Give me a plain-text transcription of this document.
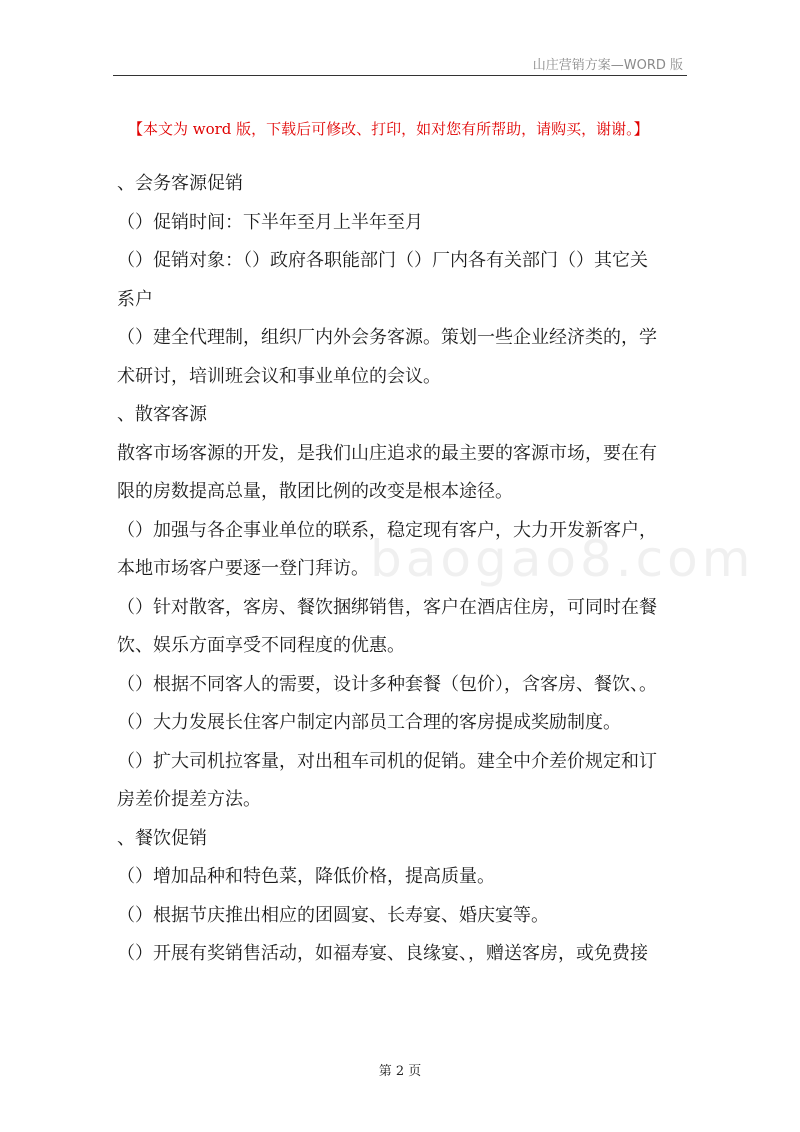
山庄营销方案—WORD 版
【本文为 word 版，下载后可修改、打印，如对您有所帮助，请购买，谢谢。】
baogao8.com
、会务客源促销
（）促销时间：下半年至月上半年至月
（）促销对象：（）政府各职能部门（）厂内各有关部门（）其它关
系户
（）建全代理制，组织厂内外会务客源。策划一些企业经济类的，学
术研讨，培训班会议和事业单位的会议。
、散客客源
散客市场客源的开发，是我们山庄追求的最主要的客源市场，要在有
限的房数提高总量，散团比例的改变是根本途径。
（）加强与各企事业单位的联系，稳定现有客户，大力开发新客户，
本地市场客户要逐一登门拜访。
（）针对散客，客房、餐饮捆绑销售，客户在酒店住房，可同时在餐
饮、娱乐方面享受不同程度的优惠。
（）根据不同客人的需要，设计多种套餐（包价），含客房、餐饮、。
（）大力发展长住客户制定内部员工合理的客房提成奖励制度。
（）扩大司机拉客量，对出租车司机的促销。建全中介差价规定和订
房差价提差方法。
、餐饮促销
（）增加品种和特色菜，降低价格，提高质量。
（）根据节庆推出相应的团圆宴、长寿宴、婚庆宴等。
（）开展有奖销售活动，如福寿宴、良缘宴、，赠送客房，或免费接
第 2 页
